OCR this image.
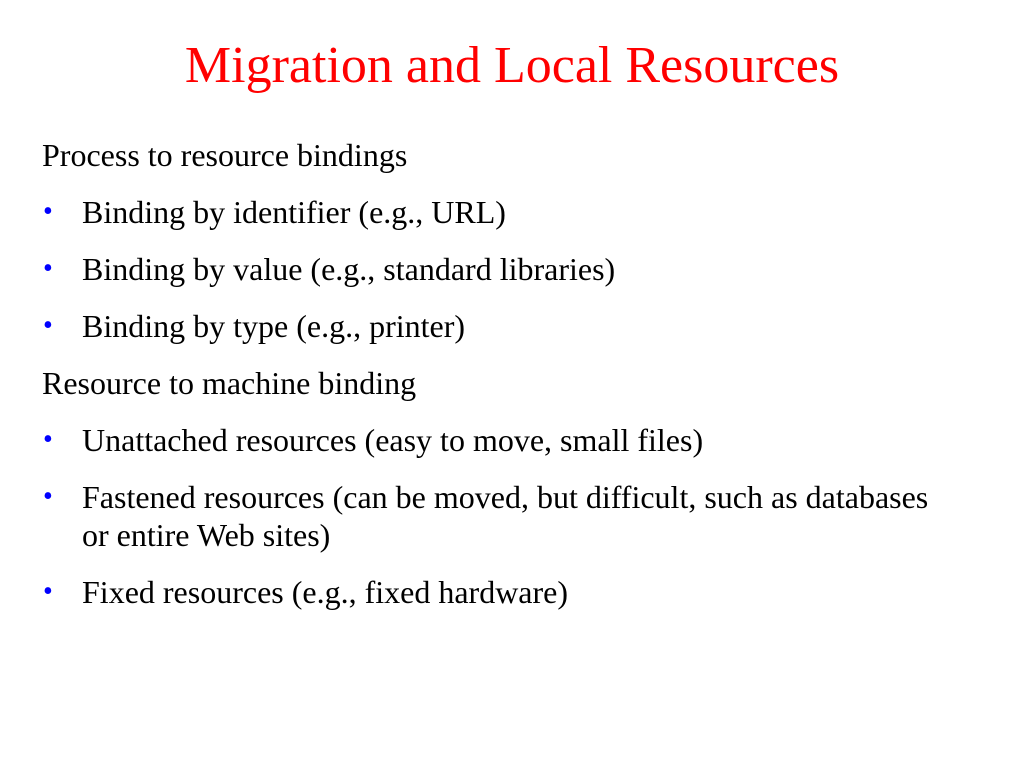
Migration and Local Resources
Process to resource bindings
• Binding by identifier (e.g., URL)
• Binding by value (e.g., standard libraries)
• Binding by type (e.g., printer)
Resource to machine binding
• Unattached resources (easy to move, small files)
• Fastened resources (can be moved, but difficult, such as databases or entire Web sites)
• Fixed resources (e.g., fixed hardware)
